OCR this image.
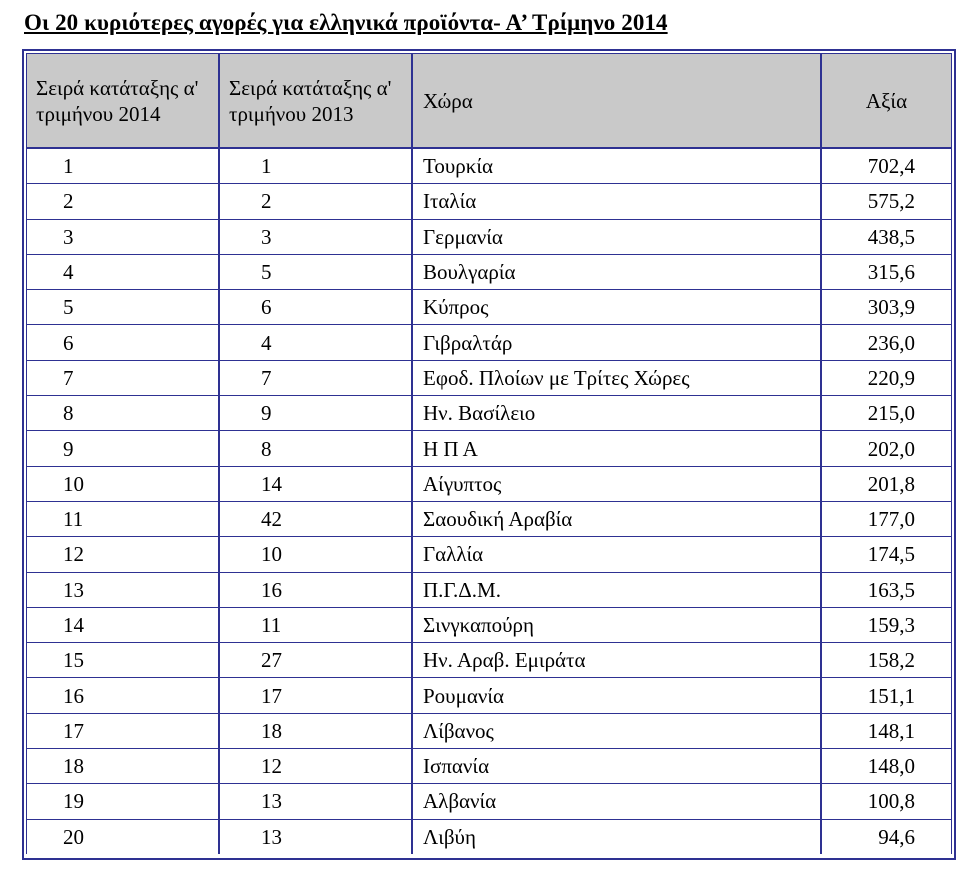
Οι 20 κυριότερες αγορές για ελληνικά προϊόντα- Α’ Τρίμηνο 2014
Σειρά κατάταξης α' τριμήνου 2014	Σειρά κατάταξης α' τριμήνου 2013	Χώρα	Αξία
1	1	Τουρκία	702,4
2	2	Ιταλία	575,2
3	3	Γερμανία	438,5
4	5	Βουλγαρία	315,6
5	6	Κύπρος	303,9
6	4	Γιβραλτάρ	236,0
7	7	Εφοδ. Πλοίων με Τρίτες Χώρες	220,9
8	9	Ην. Βασίλειο	215,0
9	8	Η Π Α	202,0
10	14	Αίγυπτος	201,8
11	42	Σαουδική Αραβία	177,0
12	10	Γαλλία	174,5
13	16	Π.Γ.Δ.Μ.	163,5
14	11	Σινγκαπούρη	159,3
15	27	Ην. Αραβ. Εμιράτα	158,2
16	17	Ρουμανία	151,1
17	18	Λίβανος	148,1
18	12	Ισπανία	148,0
19	13	Αλβανία	100,8
20	13	Λιβύη	94,6
